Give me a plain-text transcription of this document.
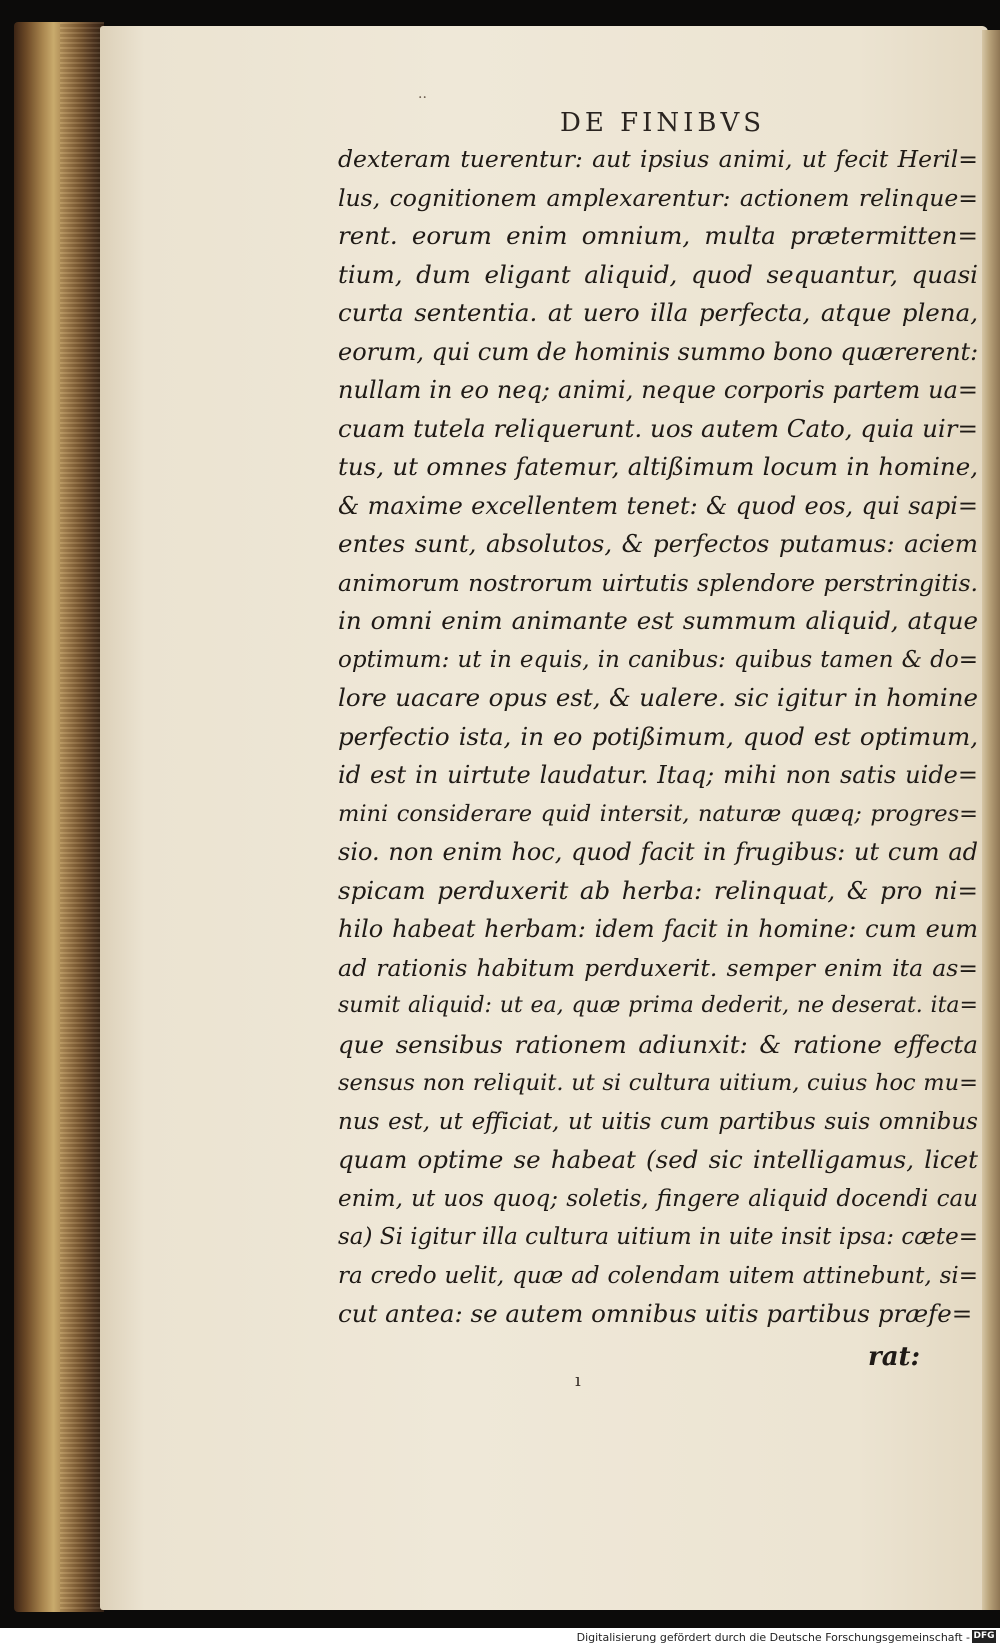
··
DE FINIBVS
dexteram tuerentur: aut ipsius animi, ut fecit Heril=
lus, cognitionem amplexarentur: actionem relinque=
rent. eorum enim omnium, multa prætermitten=
tium, dum eligant aliquid, quod sequantur, quasi
curta sententia. at uero illa perfecta, atque plena,
eorum, qui cum de hominis summo bono quærerent:
nullam in eo neq; animi, neque corporis partem ua=
cuam tutela reliquerunt. uos autem Cato, quia uir=
tus, ut omnes fatemur, altißimum locum in homine,
& maxime excellentem tenet: & quod eos, qui sapi=
entes sunt, absolutos, & perfectos putamus: aciem
animorum nostrorum uirtutis splendore perstringitis.
in omni enim animante est summum aliquid, atque
optimum: ut in equis, in canibus: quibus tamen & do=
lore uacare opus est, & ualere. sic igitur in homine
perfectio ista, in eo potißimum, quod est optimum,
id est in uirtute laudatur. Itaq; mihi non satis uide=
mini considerare quid intersit, naturæ quæq; progres=
sio. non enim hoc, quod facit in frugibus: ut cum ad
spicam perduxerit ab herba: relinquat, & pro ni=
hilo habeat herbam: idem facit in homine: cum eum
ad rationis habitum perduxerit. semper enim ita as=
sumit aliquid: ut ea, quæ prima dederit, ne deserat. ita=
que sensibus rationem adiunxit: & ratione effecta
sensus non reliquit. ut si cultura uitium, cuius hoc mu=
nus est, ut efficiat, ut uitis cum partibus suis omnibus
quam optime se habeat (sed sic intelligamus, licet
enim, ut uos quoq; soletis, fingere aliquid docendi cau
sa) Si igitur illa cultura uitium in uite insit ipsa: cæte=
ra credo uelit, quæ ad colendam uitem attinebunt, si=
cut antea: se autem omnibus uitis partibus præfe=
rat:
ı
Digitalisierung gefördert durch die Deutsche Forschungsgemeinschaft - DFG
